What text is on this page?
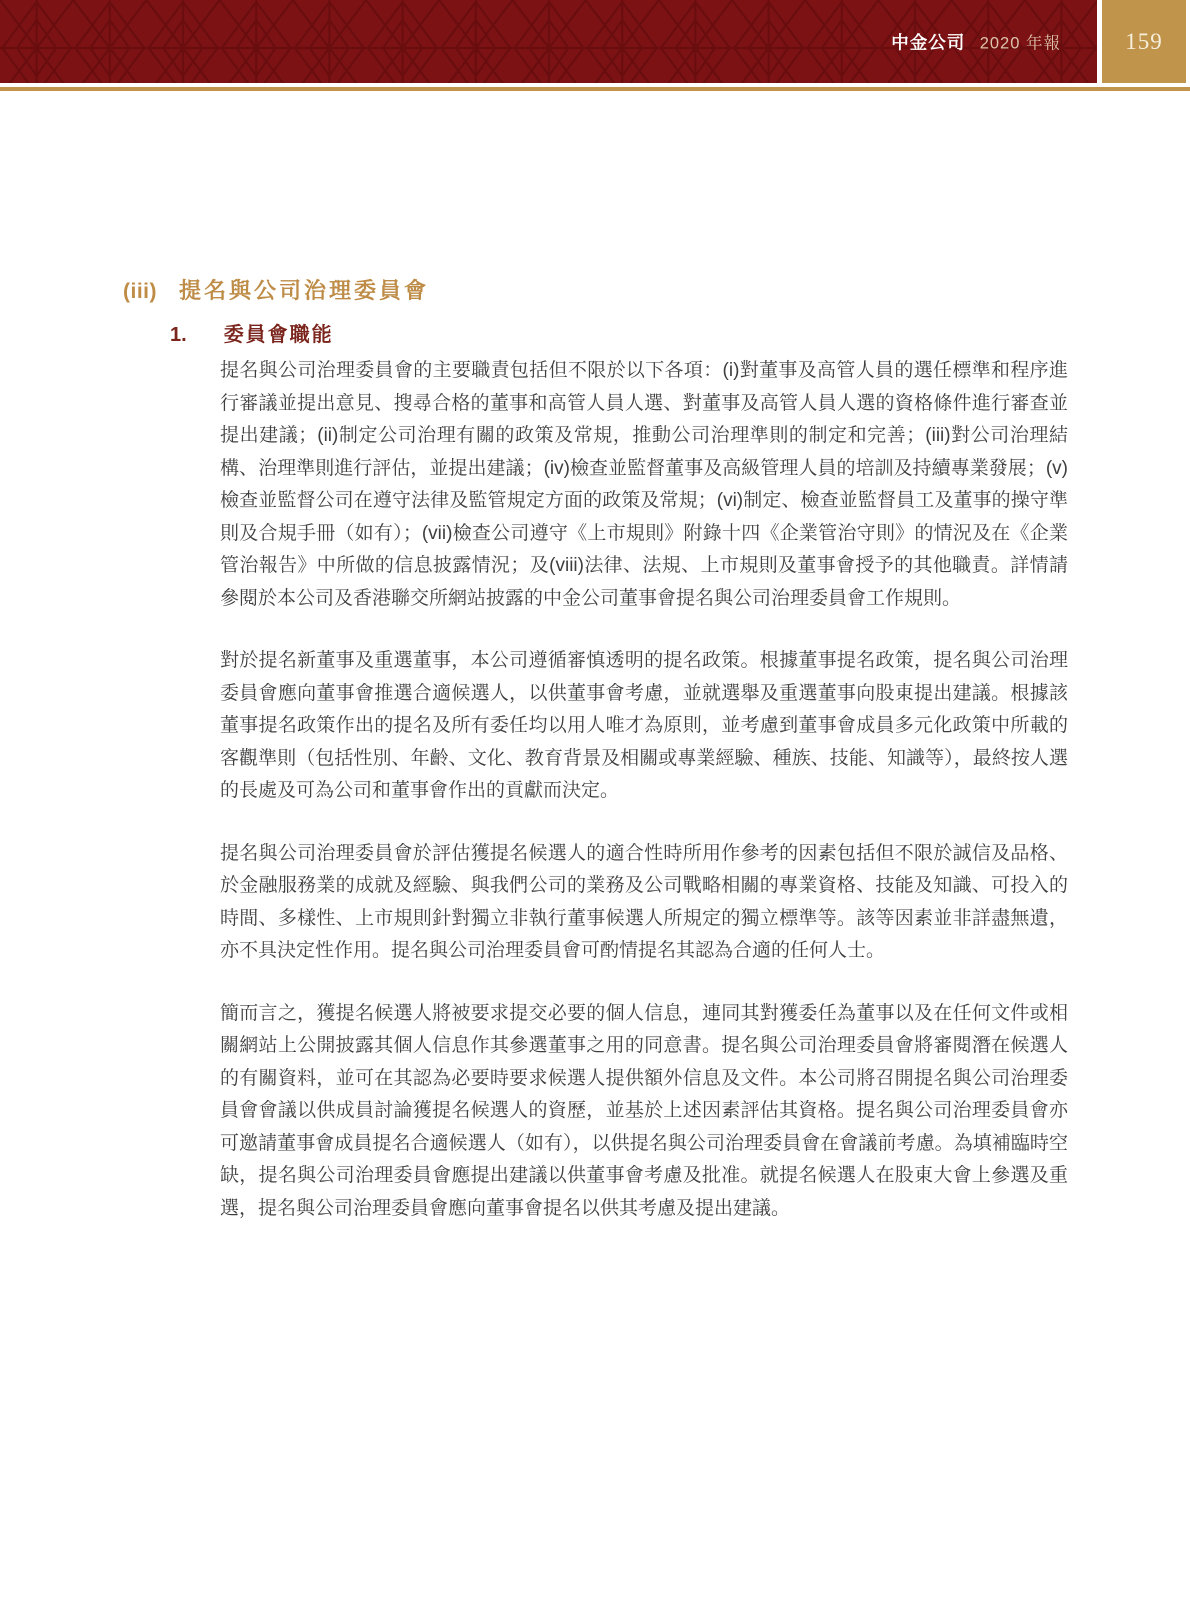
中金公司 2020 年報	159
(iii) 提名與公司治理委員會
1. 委員會職能

提名與公司治理委員會的主要職責包括但不限於以下各項：(i)對董事及高管人員的選任標準和程序進行審議並提出意見、搜尋合格的董事和高管人員人選、對董事及高管人員人選的資格條件進行審查並提出建議；(ii)制定公司治理有關的政策及常規，推動公司治理準則的制定和完善；(iii)對公司治理結構、治理準則進行評估，並提出建議；(iv)檢查並監督董事及高級管理人員的培訓及持續專業發展；(v)檢查並監督公司在遵守法律及監管規定方面的政策及常規；(vi)制定、檢查並監督員工及董事的操守準則及合規手冊（如有）；(vii)檢查公司遵守《上市規則》附錄十四《企業管治守則》的情況及在《企業管治報告》中所做的信息披露情況；及(viii)法律、法規、上市規則及董事會授予的其他職責。詳情請參閱於本公司及香港聯交所網站披露的中金公司董事會提名與公司治理委員會工作規則。

對於提名新董事及重選董事，本公司遵循審慎透明的提名政策。根據董事提名政策，提名與公司治理委員會應向董事會推選合適候選人，以供董事會考慮，並就選舉及重選董事向股東提出建議。根據該董事提名政策作出的提名及所有委任均以用人唯才為原則，並考慮到董事會成員多元化政策中所載的客觀準則（包括性別、年齡、文化、教育背景及相關或專業經驗、種族、技能、知識等），最終按人選的長處及可為公司和董事會作出的貢獻而決定。

提名與公司治理委員會於評估獲提名候選人的適合性時所用作參考的因素包括但不限於誠信及品格、於金融服務業的成就及經驗、與我們公司的業務及公司戰略相關的專業資格、技能及知識、可投入的時間、多樣性、上市規則針對獨立非執行董事候選人所規定的獨立標準等。該等因素並非詳盡無遺，亦不具決定性作用。提名與公司治理委員會可酌情提名其認為合適的任何人士。

簡而言之，獲提名候選人將被要求提交必要的個人信息，連同其對獲委任為董事以及在任何文件或相關網站上公開披露其個人信息作其參選董事之用的同意書。提名與公司治理委員會將審閱潛在候選人的有關資料，並可在其認為必要時要求候選人提供額外信息及文件。本公司將召開提名與公司治理委員會會議以供成員討論獲提名候選人的資歷，並基於上述因素評估其資格。提名與公司治理委員會亦可邀請董事會成員提名合適候選人（如有），以供提名與公司治理委員會在會議前考慮。為填補臨時空缺，提名與公司治理委員會應提出建議以供董事會考慮及批准。就提名候選人在股東大會上參選及重選，提名與公司治理委員會應向董事會提名以供其考慮及提出建議。
